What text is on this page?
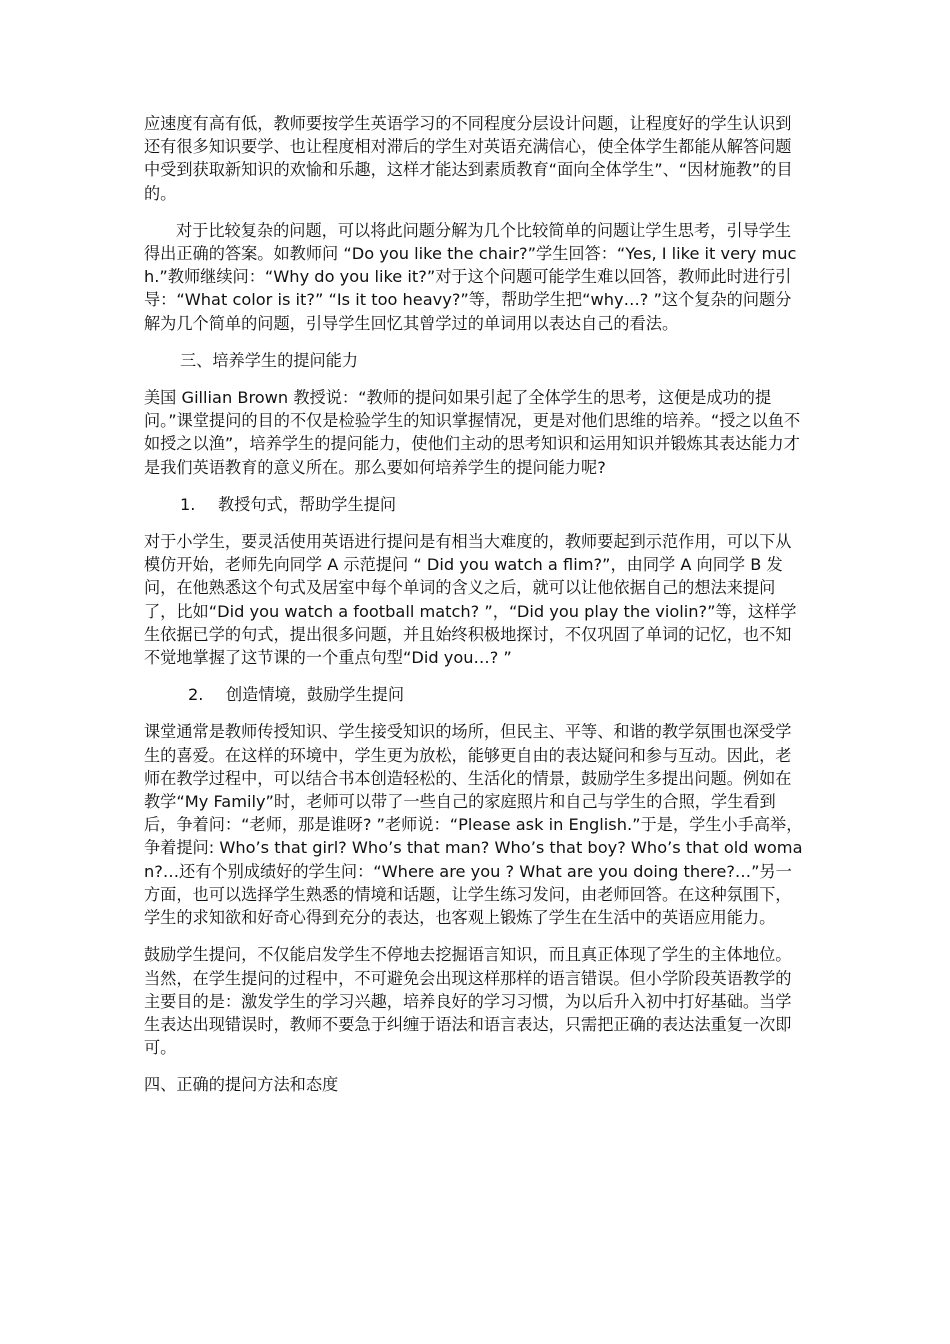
应速度有高有低，教师要按学生英语学习的不同程度分层设计问题，让程度好的学生认识到还有很多知识要学、也让程度相对滞后的学生对英语充满信心，使全体学生都能从解答问题中受到获取新知识的欢愉和乐趣，这样才能达到素质教育“面向全体学生”、“因材施教”的目的。

对于比较复杂的问题，可以将此问题分解为几个比较简单的问题让学生思考，引导学生得出正确的答案。如教师问 “Do you like the chair?”学生回答：“Yes, I like it very much.”教师继续问：“Why do you like it?”对于这个问题可能学生难以回答，教师此时进行引导：“What color is it?” “Is it too heavy?”等，帮助学生把“why…? ”这个复杂的问题分解为几个简单的问题，引导学生回忆其曾学过的单词用以表达自己的看法。

三、培养学生的提问能力

美国 Gillian Brown 教授说：“教师的提问如果引起了全体学生的思考，这便是成功的提问。”课堂提问的目的不仅是检验学生的知识掌握情况，更是对他们思维的培养。“授之以鱼不如授之以渔”，培养学生的提问能力，使他们主动的思考知识和运用知识并锻炼其表达能力才是我们英语教育的意义所在。那么要如何培养学生的提问能力呢?

1. 教授句式，帮助学生提问

对于小学生，要灵活使用英语进行提问是有相当大难度的，教师要起到示范作用，可以下从模仿开始，老师先向同学 A 示范提问 “ Did you watch a flim?”，由同学 A 向同学 B 发问，在他熟悉这个句式及居室中每个单词的含义之后，就可以让他依据自己的想法来提问了，比如“Did you watch a football match? ”，“Did you play the violin?”等，这样学生依据已学的句式，提出很多问题，并且始终积极地探讨，不仅巩固了单词的记忆，也不知不觉地掌握了这节课的一个重点句型“Did you…? ”

2. 创造情境，鼓励学生提问

课堂通常是教师传授知识、学生接受知识的场所，但民主、平等、和谐的教学氛围也深受学生的喜爱。在这样的环境中，学生更为放松，能够更自由的表达疑问和参与互动。因此，老师在教学过程中，可以结合书本创造轻松的、生活化的情景，鼓励学生多提出问题。例如在教学“My Family”时，老师可以带了一些自己的家庭照片和自己与学生的合照，学生看到后，争着问：“老师，那是谁呀? ”老师说：“Please ask in English.”于是，学生小手高举，争着提问: Who’s that girl? Who’s that man? Who’s that boy? Who’s that old woman?…还有个别成绩好的学生问：“Where are you ? What are you doing there?…”另一方面，也可以选择学生熟悉的情境和话题，让学生练习发问，由老师回答。在这种氛围下，学生的求知欲和好奇心得到充分的表达，也客观上锻炼了学生在生活中的英语应用能力。

鼓励学生提问，不仅能启发学生不停地去挖掘语言知识，而且真正体现了学生的主体地位。当然，在学生提问的过程中，不可避免会出现这样那样的语言错误。但小学阶段英语教学的主要目的是：激发学生的学习兴趣，培养良好的学习习惯，为以后升入初中打好基础。当学生表达出现错误时，教师不要急于纠缠于语法和语言表达，只需把正确的表达法重复一次即可。

四、正确的提问方法和态度
